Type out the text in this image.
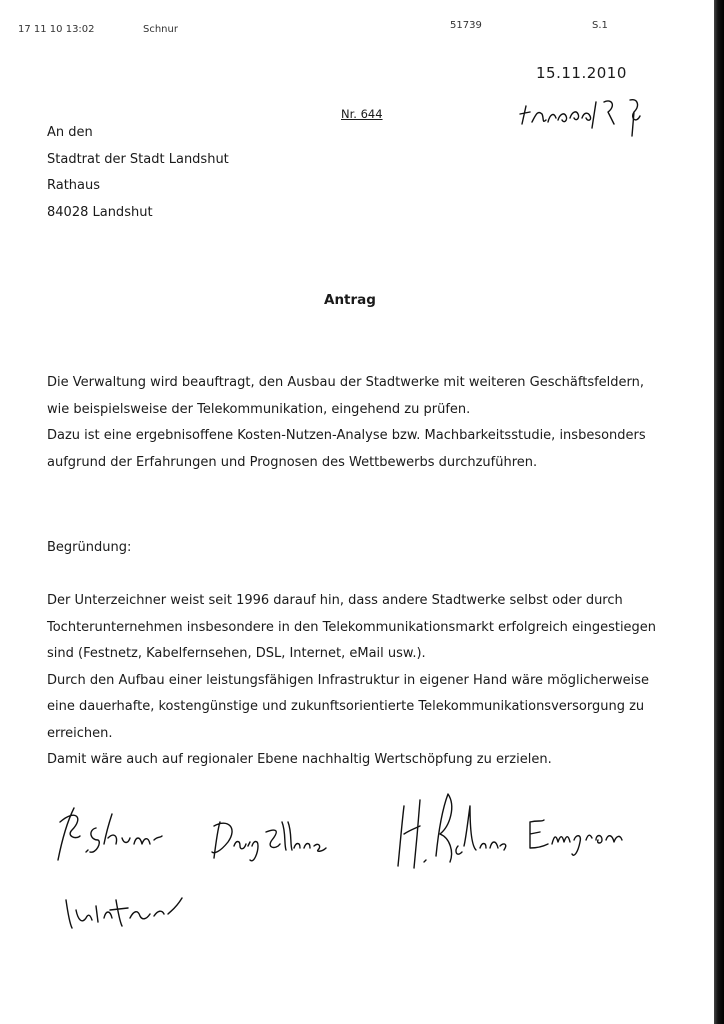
17 11 10 13:02	Schnur	51739	S.1
15.11.2010
Nr. 644
An den
Stadtrat der Stadt Landshut
Rathaus
84028 Landshut
Antrag
Die Verwaltung wird beauftragt, den Ausbau der Stadtwerke mit weiteren Geschäftsfeldern,
wie beispielsweise der Telekommunikation, eingehend zu prüfen.
Dazu ist eine ergebnisoffene Kosten-Nutzen-Analyse bzw. Machbarkeitsstudie, insbesonders
aufgrund der Erfahrungen und Prognosen des Wettbewerbs durchzuführen.
Begründung:
Der Unterzeichner weist seit 1996 darauf hin, dass andere Stadtwerke selbst oder durch
Tochterunternehmen insbesondere in den Telekommunikationsmarkt erfolgreich eingestiegen
sind (Festnetz, Kabelfernsehen, DSL, Internet, eMail usw.).
Durch den Aufbau einer leistungsfähigen Infrastruktur in eigener Hand wäre möglicherweise
eine dauerhafte, kostengünstige und zukunftsorientierte Telekommunikationsversorgung zu
erreichen.
Damit wäre auch auf regionaler Ebene nachhaltig Wertschöpfung zu erzielen.
